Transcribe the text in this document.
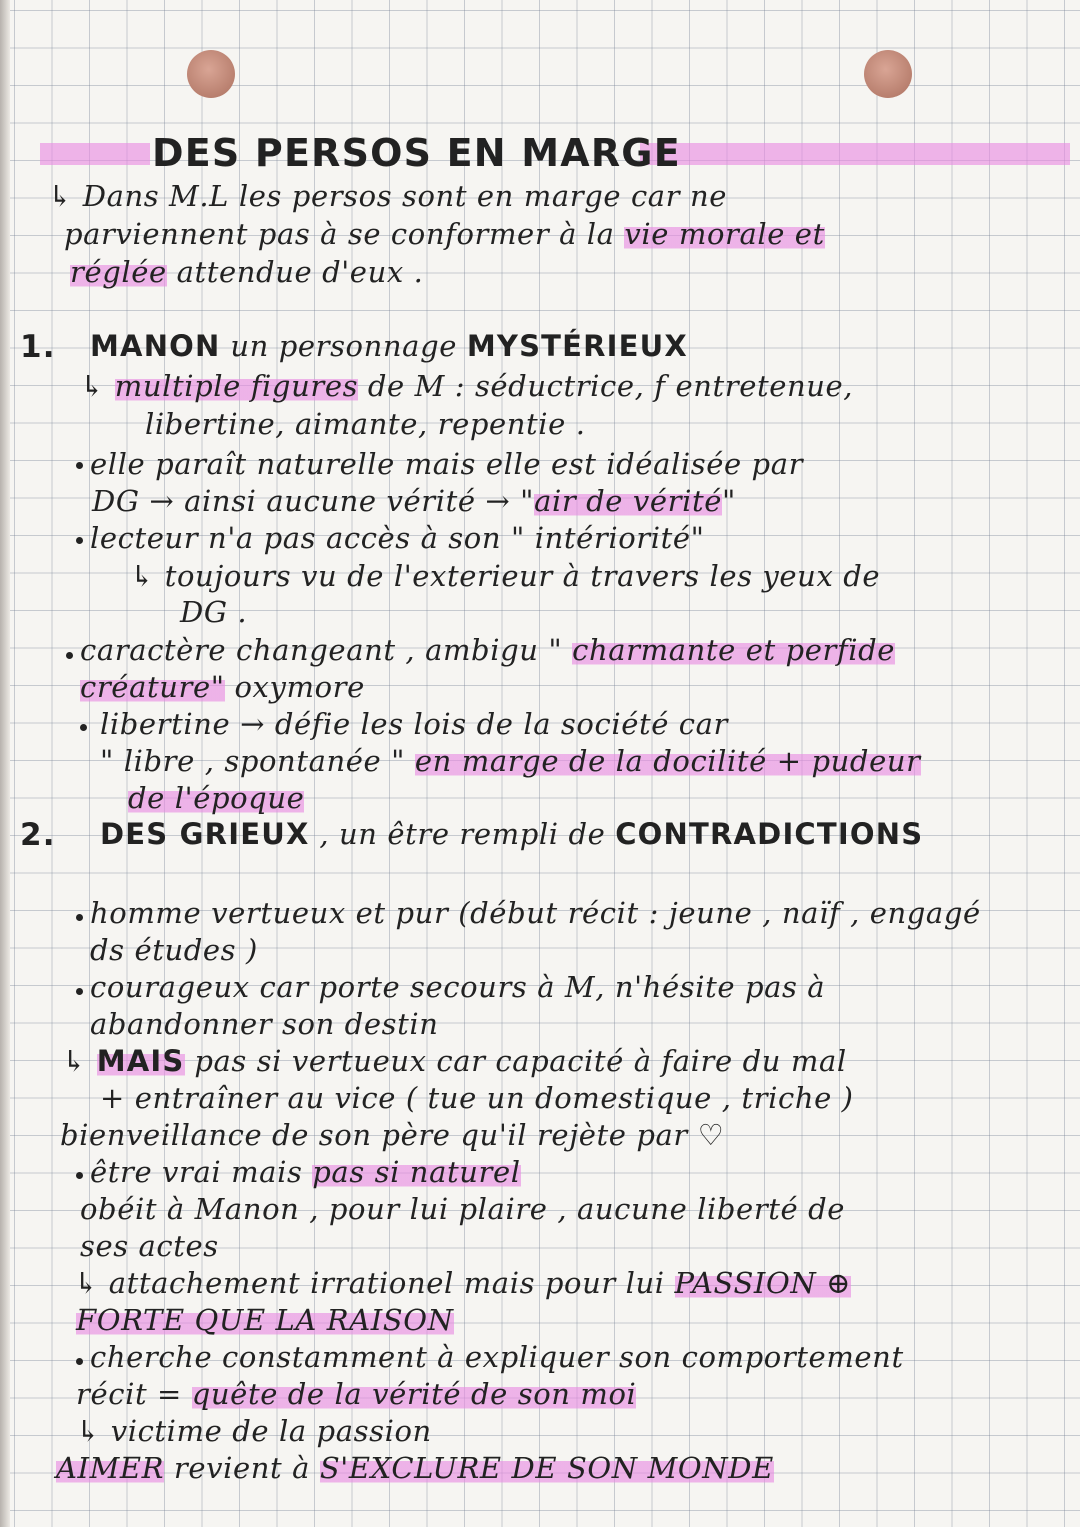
DES PERSOS EN MARGE
↳ Dans M.L les persos sont en marge car ne
parviennent pas à se conformer à la vie morale et
réglée attendue d'eux .
1. MANON un personnage MYSTÉRIEUX
↳ multiple figures de M : séductrice, f entretenue,
libertine, aimante, repentie .
elle paraît naturelle mais elle est idéalisée par
DG → ainsi aucune vérité → "air de vérité"
lecteur n'a pas accès à son " intériorité"
↳ toujours vu de l'exterieur à travers les yeux de
DG .
caractère changeant , ambigu " charmante et perfide
créature" oxymore
libertine → défie les lois de la société car
" libre , spontanée " en marge de la docilité + pudeur
de l'époque
2. DES GRIEUX , un être rempli de CONTRADICTIONS
homme vertueux et pur (début récit : jeune , naïf , engagé
ds études )
courageux car porte secours à M, n'hésite pas à
abandonner son destin
↳ MAIS pas si vertueux car capacité à faire du mal
+ entraîner au vice ( tue un domestique , triche )
bienveillance de son père qu'il rejète par ♡
être vrai mais pas si naturel
obéit à Manon , pour lui plaire , aucune liberté de
ses actes
↳ attachement irrationel mais pour lui PASSION ⊕
FORTE QUE LA RAISON
cherche constamment à expliquer son comportement
récit = quête de la vérité de son moi
↳ victime de la passion
AIMER revient à S'EXCLURE DE SON MONDE
